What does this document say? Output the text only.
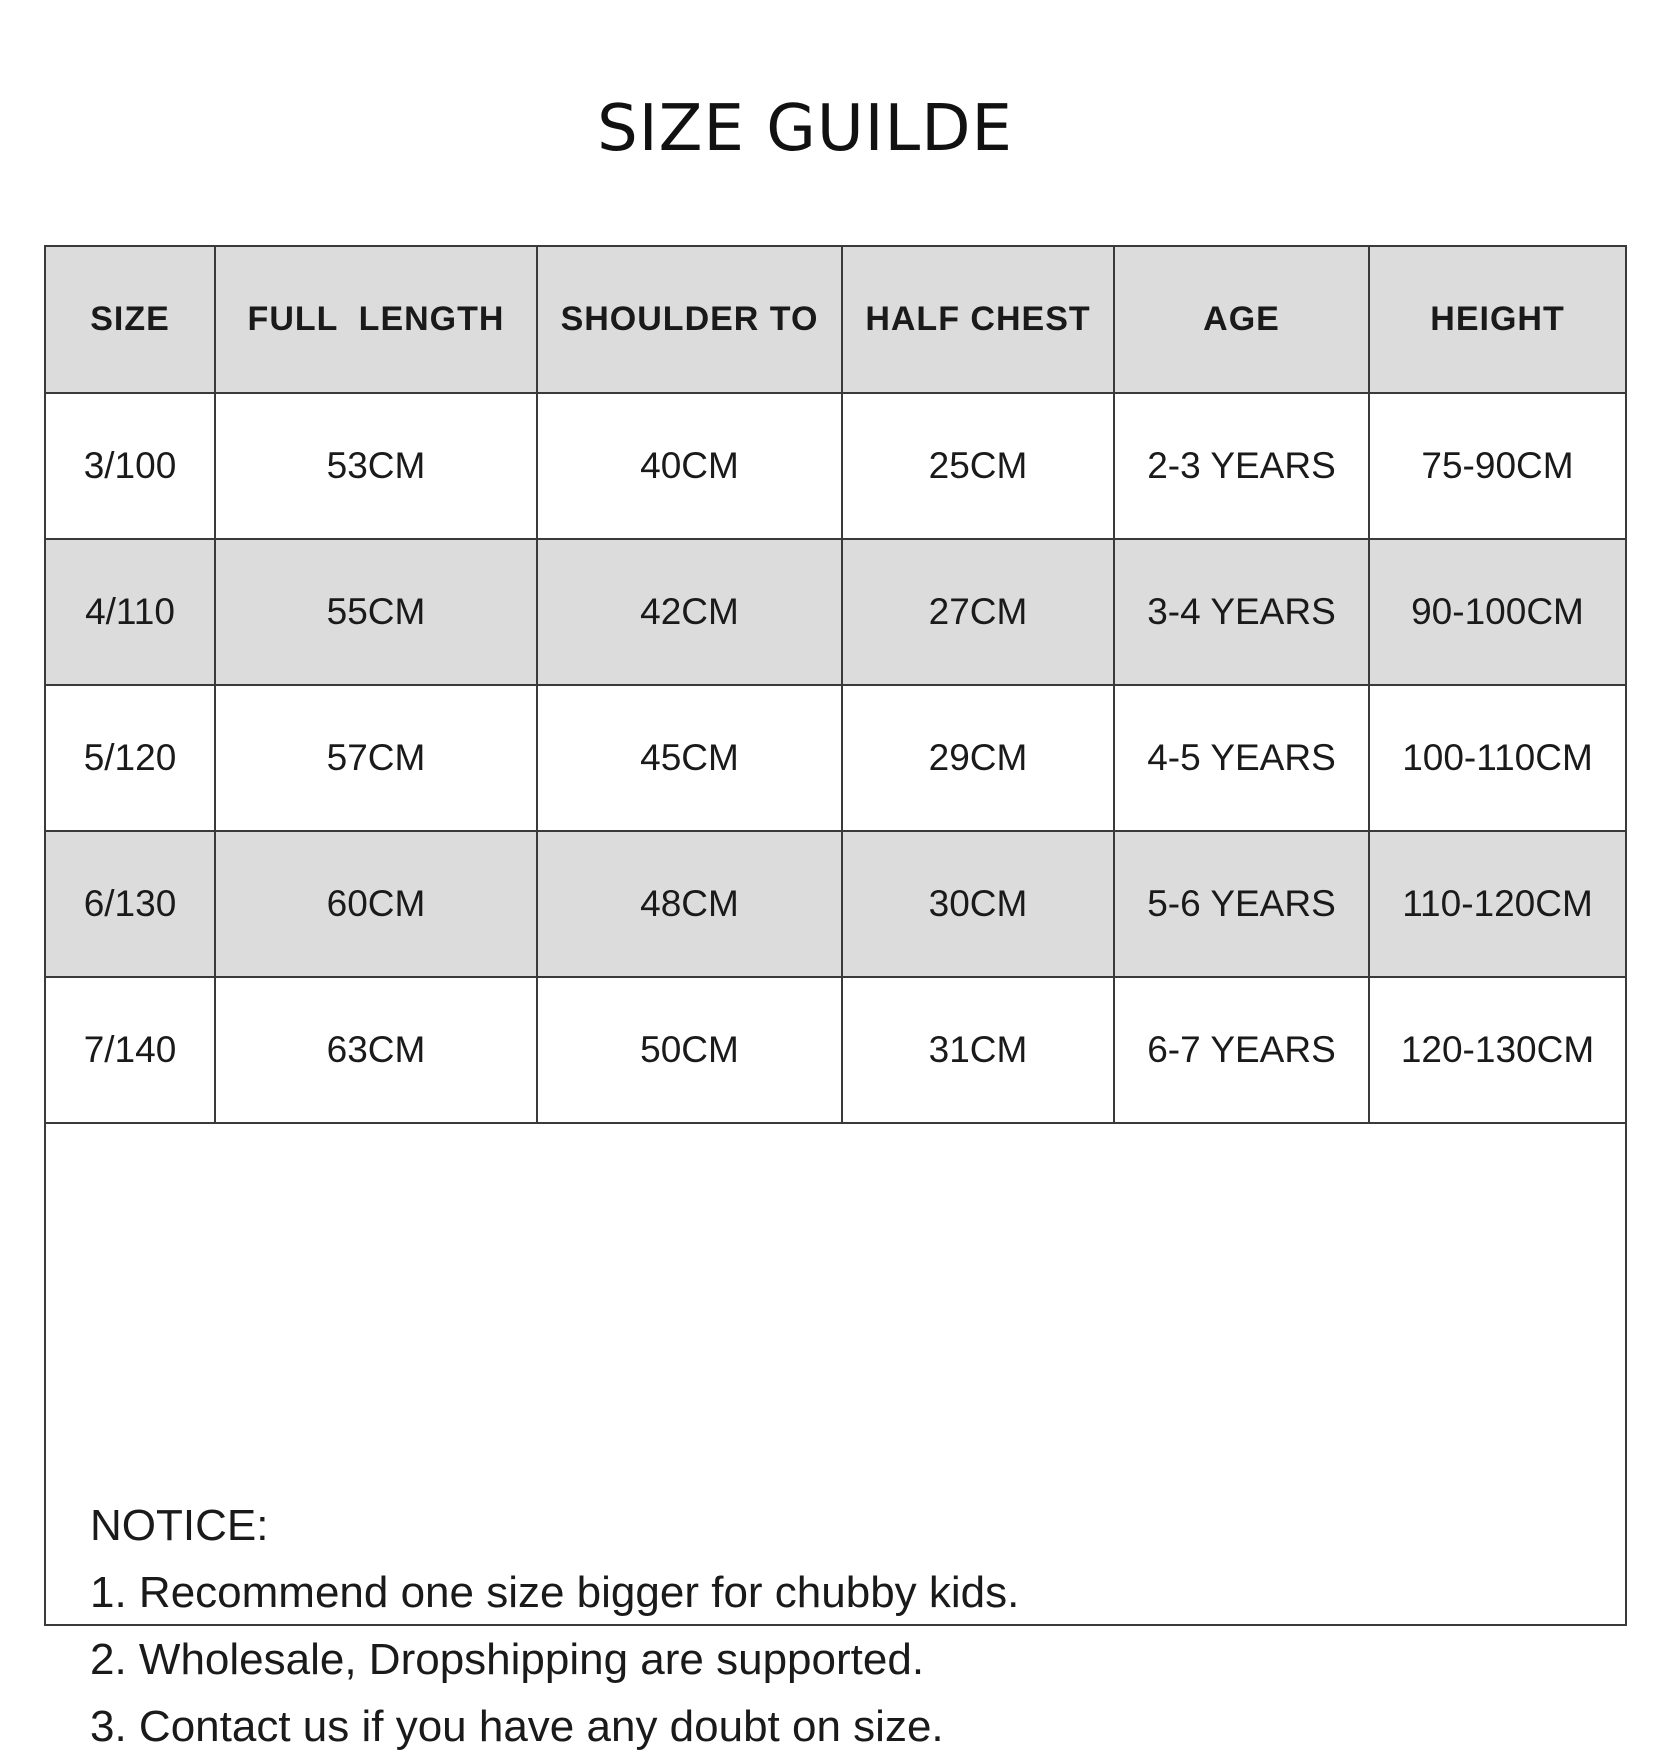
SIZE GUILDE
SIZE	FULL  LENGTH	SHOULDER TO	HALF CHEST	AGE	HEIGHT
3/100	53CM	40CM	25CM	2-3 YEARS	75-90CM
4/110	55CM	42CM	27CM	3-4 YEARS	90-100CM
5/120	57CM	45CM	29CM	4-5 YEARS	100-110CM
6/130	60CM	48CM	30CM	5-6 YEARS	110-120CM
7/140	63CM	50CM	31CM	6-7 YEARS	120-130CM
NOTICE:
1. Recommend one size bigger for chubby kids.
2. Wholesale, Dropshipping are supported.
3. Contact us if you have any doubt on size.
